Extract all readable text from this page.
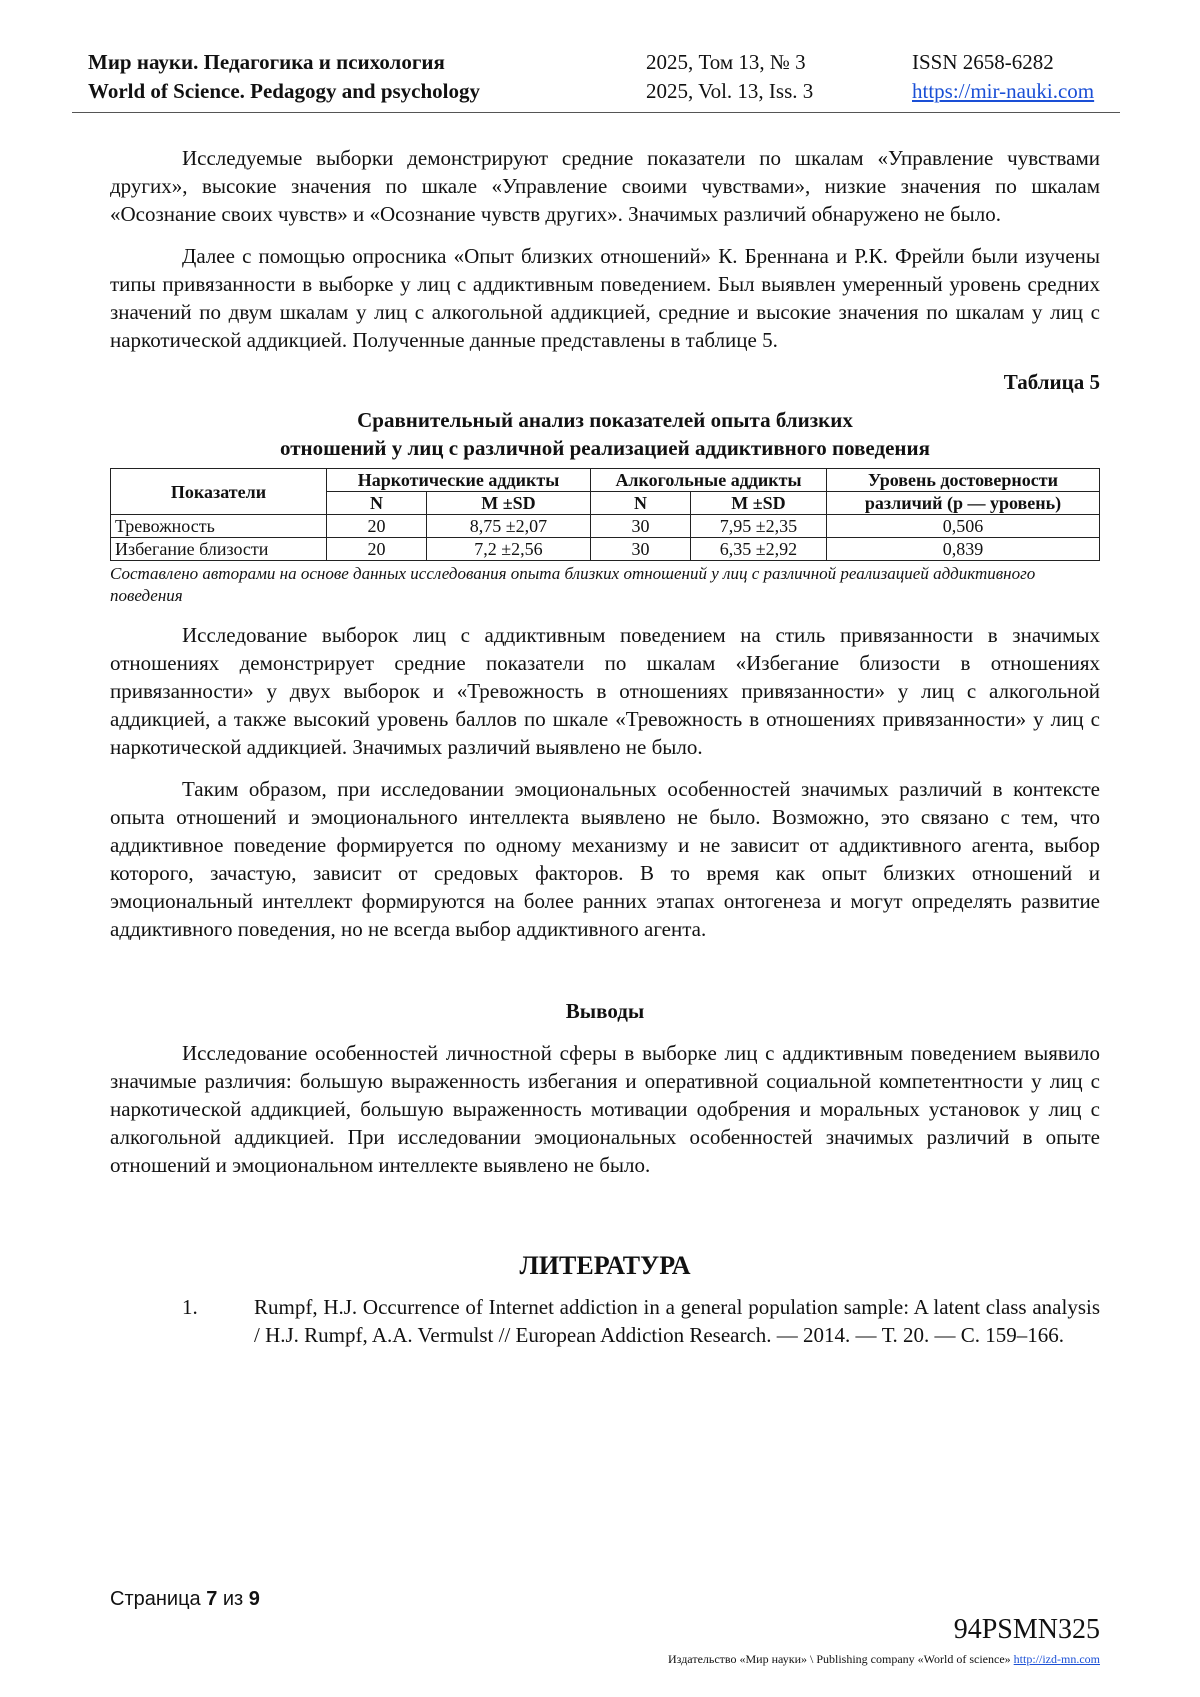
Мир науки. Педагогика и психология
World of Science. Pedagogy and psychology
2025, Том 13, № 3
2025, Vol. 13, Iss. 3
ISSN 2658-6282
https://mir-nauki.com

Исследуемые выборки демонстрируют средние показатели по шкалам «Управление чувствами других», высокие значения по шкале «Управление своими чувствами», низкие значения по шкалам «Осознание своих чувств» и «Осознание чувств других». Значимых различий обнаружено не было.

Далее с помощью опросника «Опыт близких отношений» К. Бреннана и Р.К. Фрейли были изучены типы привязанности в выборке у лиц с аддиктивным поведением. Был выявлен умеренный уровень средних значений по двум шкалам у лиц с алкогольной аддикцией, средние и высокие значения по шкалам у лиц с наркотической аддикцией. Полученные данные представлены в таблице 5.

Таблица 5
Сравнительный анализ показателей опыта близких
отношений у лиц с различной реализацией аддиктивного поведения
Показатели	Наркотические аддикты		Алкогольные аддикты		Уровень достоверности
	N	M ±SD	N	M ±SD	различий (p — уровень)
Тревожность	20	8,75 ±2,07	30	7,95 ±2,35	0,506
Избегание близости	20	7,2 ±2,56	30	6,35 ±2,92	0,839
Составлено авторами на основе данных исследования опыта близких отношений у лиц с различной реализацией аддиктивного поведения

Исследование выборок лиц с аддиктивным поведением на стиль привязанности в значимых отношениях демонстрирует средние показатели по шкалам «Избегание близости в отношениях привязанности» у двух выборок и «Тревожность в отношениях привязанности» у лиц с алкогольной аддикцией, а также высокий уровень баллов по шкале «Тревожность в отношениях привязанности» у лиц с наркотической аддикцией. Значимых различий выявлено не было.

Таким образом, при исследовании эмоциональных особенностей значимых различий в контексте опыта отношений и эмоционального интеллекта выявлено не было. Возможно, это связано с тем, что аддиктивное поведение формируется по одному механизму и не зависит от аддиктивного агента, выбор которого, зачастую, зависит от средовых факторов. В то время как опыт близких отношений и эмоциональный интеллект формируются на более ранних этапах онтогенеза и могут определять развитие аддиктивного поведения, но не всегда выбор аддиктивного агента.

Выводы

Исследование особенностей личностной сферы в выборке лиц с аддиктивным поведением выявило значимые различия: большую выраженность избегания и оперативной социальной компетентности у лиц с наркотической аддикцией, большую выраженность мотивации одобрения и моральных установок у лиц с алкогольной аддикцией. При исследовании эмоциональных особенностей значимых различий в опыте отношений и эмоциональном интеллекте выявлено не было.

ЛИТЕРАТУРА
1.	Rumpf, H.J. Occurrence of Internet addiction in a general population sample: A latent class analysis / H.J. Rumpf, A.A. Vermulst // European Addiction Research. — 2014. — Т. 20. — С. 159–166.
Страница 7 из 9
94PSMN325
Издательство «Мир науки» \ Publishing company «World of science» http://izd-mn.com
